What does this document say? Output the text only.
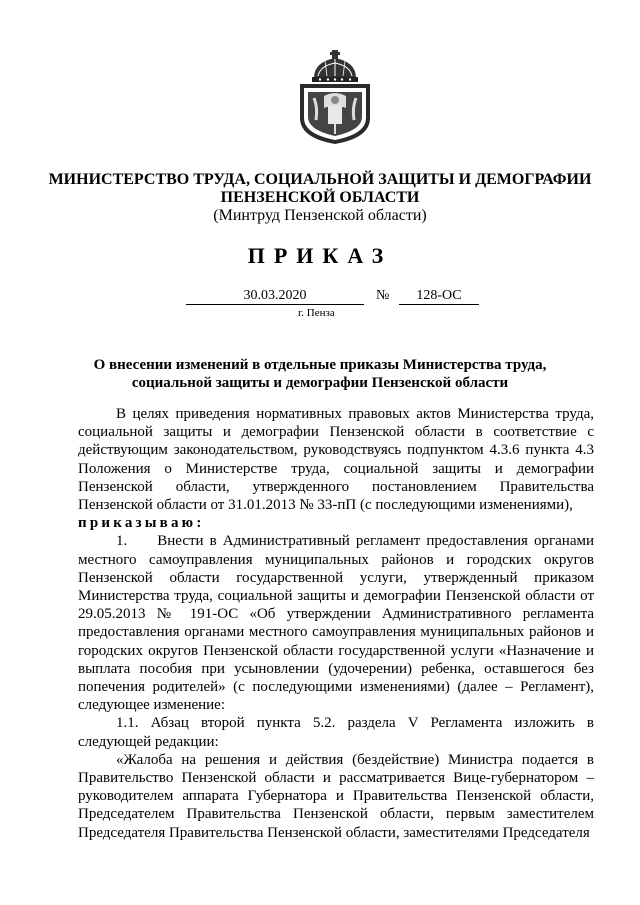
МИНИСТЕРСТВО ТРУДА, СОЦИАЛЬНОЙ ЗАЩИТЫ И ДЕМОГРАФИИ
ПЕНЗЕНСКОЙ ОБЛАСТИ
(Минтруд Пензенской области)
ПРИКАЗ
30.03.2020	№	128-ОС
г. Пенза
О внесении изменений в отдельные приказы Министерства труда,
социальной защиты и демографии Пензенской области

В целях приведения нормативных правовых актов Министерства труда, социальной защиты и демографии Пензенской области в соответствие с действующим законодательством, руководствуясь подпунктом 4.3.6 пункта 4.3 Положения о Министерстве труда, социальной защиты и демографии Пензенской области, утвержденного постановлением Правительства Пензенской области от 31.01.2013 № 33-пП (с последующими изменениями),

приказываю:

1. Внести в Административный регламент предоставления органами местного самоуправления муниципальных районов и городских округов Пензенской области государственной услуги, утвержденный приказом Министерства труда, социальной защиты и демографии Пензенской области от 29.05.2013 № 191-ОС «Об утверждении Административного регламента предоставления органами местного самоуправления муниципальных районов и городских округов Пензенской области государственной услуги «Назначение и выплата пособия при усыновлении (удочерении) ребенка, оставшегося без попечения родителей» (с последующими изменениями) (далее – Регламент), следующее изменение:

1.1. Абзац второй пункта 5.2. раздела V Регламента изложить в следующей редакции:

«Жалоба на решения и действия (бездействие) Министра подается в Правительство Пензенской области и рассматривается Вице-губернатором – руководителем аппарата Губернатора и Правительства Пензенской области, Председателем Правительства Пензенской области, первым заместителем Председателя Правительства Пензенской области, заместителями Председателя
